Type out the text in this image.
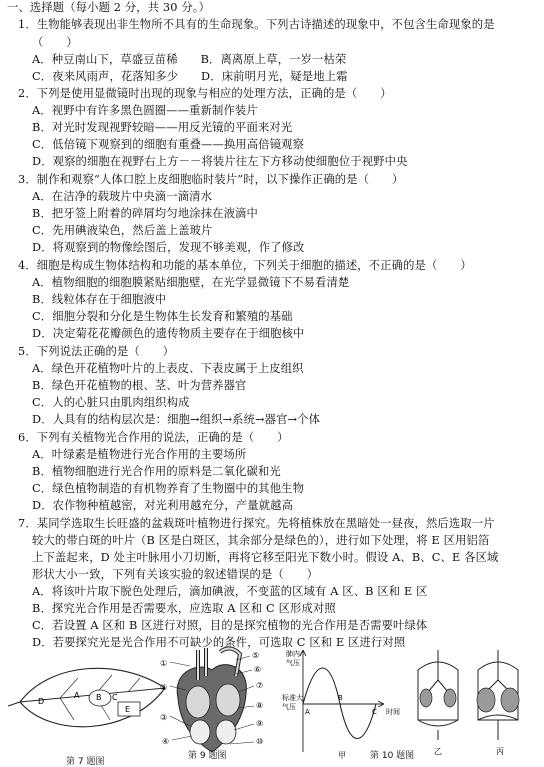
一、选择题（每小题 2 分，共 30 分。）
1．生物能够表现出非生物所不具有的生命现象。下列古诗描述的现象中，不包含生命现象的是
（　　）
A．种豆南山下，草盛豆苗稀　　B．离离原上草，一岁一枯荣
C．夜来风雨声，花落知多少　　D．床前明月光，疑是地上霜
2．下列是使用显微镜时出现的现象与相应的处理方法，正确的是（　　）
A．视野中有许多黑色圆圈——重新制作装片
B．对光时发现视野较暗——用反光镜的平面来对光
C．低倍镜下观察到的细胞有重叠——换用高倍镜观察
D．观察的细胞在视野右上方－－将装片往左下方移动使细胞位于视野中央
3．制作和观察“人体口腔上皮细胞临时装片”时，以下操作正确的是（　　）
A．在洁净的载玻片中央滴一滴清水
B．把牙签上附着的碎屑均匀地涂抹在液滴中
C．先用碘液染色，然后盖上盖玻片
D．将观察到的物像绘图后，发现不够美观，作了修改
4．细胞是构成生物体结构和功能的基本单位，下列关于细胞的描述，不正确的是（　　）
A．植物细胞的细胞膜紧贴细胞壁，在光学显微镜下不易看清楚
B．线粒体存在于细胞液中
C．细胞分裂和分化是生物体生长发育和繁殖的基础
D．决定菊花花瓣颜色的遗传物质主要存在于细胞核中
5．下列说法正确的是（　　）
A．绿色开花植物叶片的上表皮、下表皮属于上皮组织
B．绿色开花植物的根、茎、叶为营养器官
C．人的心脏只由肌肉组织构成
D．人具有的结构层次是：细胞→组织→系统→器官→个体
6．下列有关植物光合作用的说法，正确的是（　　）
A．叶绿素是植物进行光合作用的主要场所
B．植物细胞进行光合作用的原料是二氧化碳和光
C．绿色植物制造的有机物养育了生物圈中的其他生物
D．农作物种植越密，对光利用越充分，产量就越高
7．某同学选取生长旺盛的盆栽斑叶植物进行探究。先将植株放在黑暗处一昼夜，然后选取一片
较大的带白斑的叶片（B 区是白斑区，其余部分是绿色的），进行如下处理，将 E 区用铝箔
上下盖起来，D 处主叶脉用小刀切断，再将它移至阳光下数小时。假设 A、B、C、E 各区域
形状大小一致，下列有关该实验的叙述错误的是（　　）
A．将该叶片取下脱色处理后，滴加碘液，不变蓝的区域有 A 区、B 区和 E 区
B．探究光合作用是否需要水，应选取 A 区和 C 区形成对照
C．若设置 A 区和 B 区进行对照，目的是探究植物的光合作用是否需要叶绿体
D．若要探究光是光合作用不可缺少的条件，可选取 C 区和 E 区进行对照
D
A B C
E
①
②
③
④
⑤
⑥
⑦
⑧
⑨
⑩
肺内
气压
标准大
气压
A
B
C 时间
甲	乙	丙
第 7 题图
第 9 题图	第 10 题图
